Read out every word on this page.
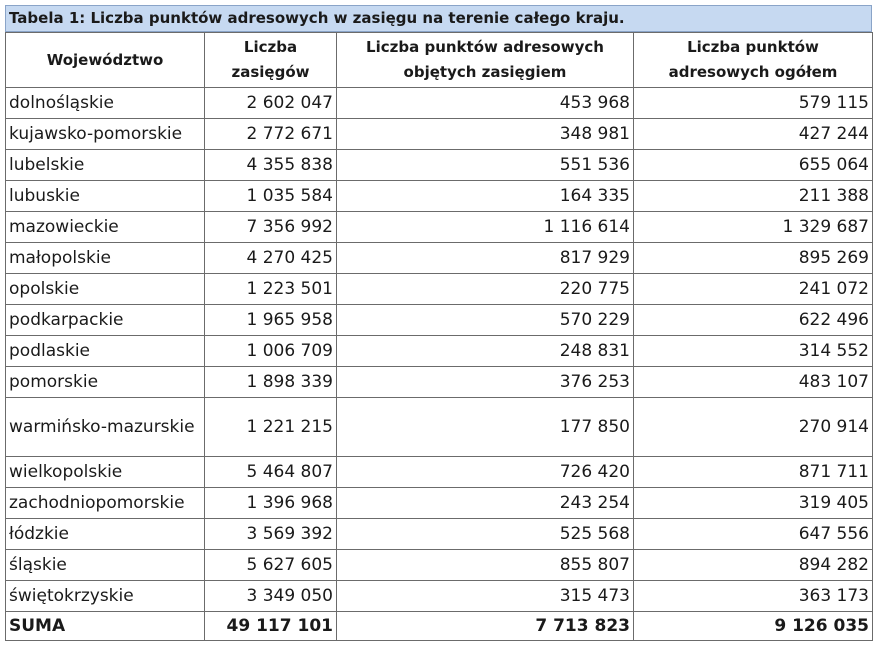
Tabela 1: Liczba punktów adresowych w zasięgu na terenie całego kraju.
Województwo	Liczba zasięgów	Liczba punktów adresowych objętych zasięgiem	Liczba punktów adresowych ogółem
dolnośląskie	2 602 047	453 968	579 115
kujawsko-pomorskie	2 772 671	348 981	427 244
lubelskie	4 355 838	551 536	655 064
lubuskie	1 035 584	164 335	211 388
mazowieckie	7 356 992	1 116 614	1 329 687
małopolskie	4 270 425	817 929	895 269
opolskie	1 223 501	220 775	241 072
podkarpackie	1 965 958	570 229	622 496
podlaskie	1 006 709	248 831	314 552
pomorskie	1 898 339	376 253	483 107
warmińsko-mazurskie	1 221 215	177 850	270 914
wielkopolskie	5 464 807	726 420	871 711
zachodniopomorskie	1 396 968	243 254	319 405
łódzkie	3 569 392	525 568	647 556
śląskie	5 627 605	855 807	894 282
świętokrzyskie	3 349 050	315 473	363 173
SUMA	49 117 101	7 713 823	9 126 035
